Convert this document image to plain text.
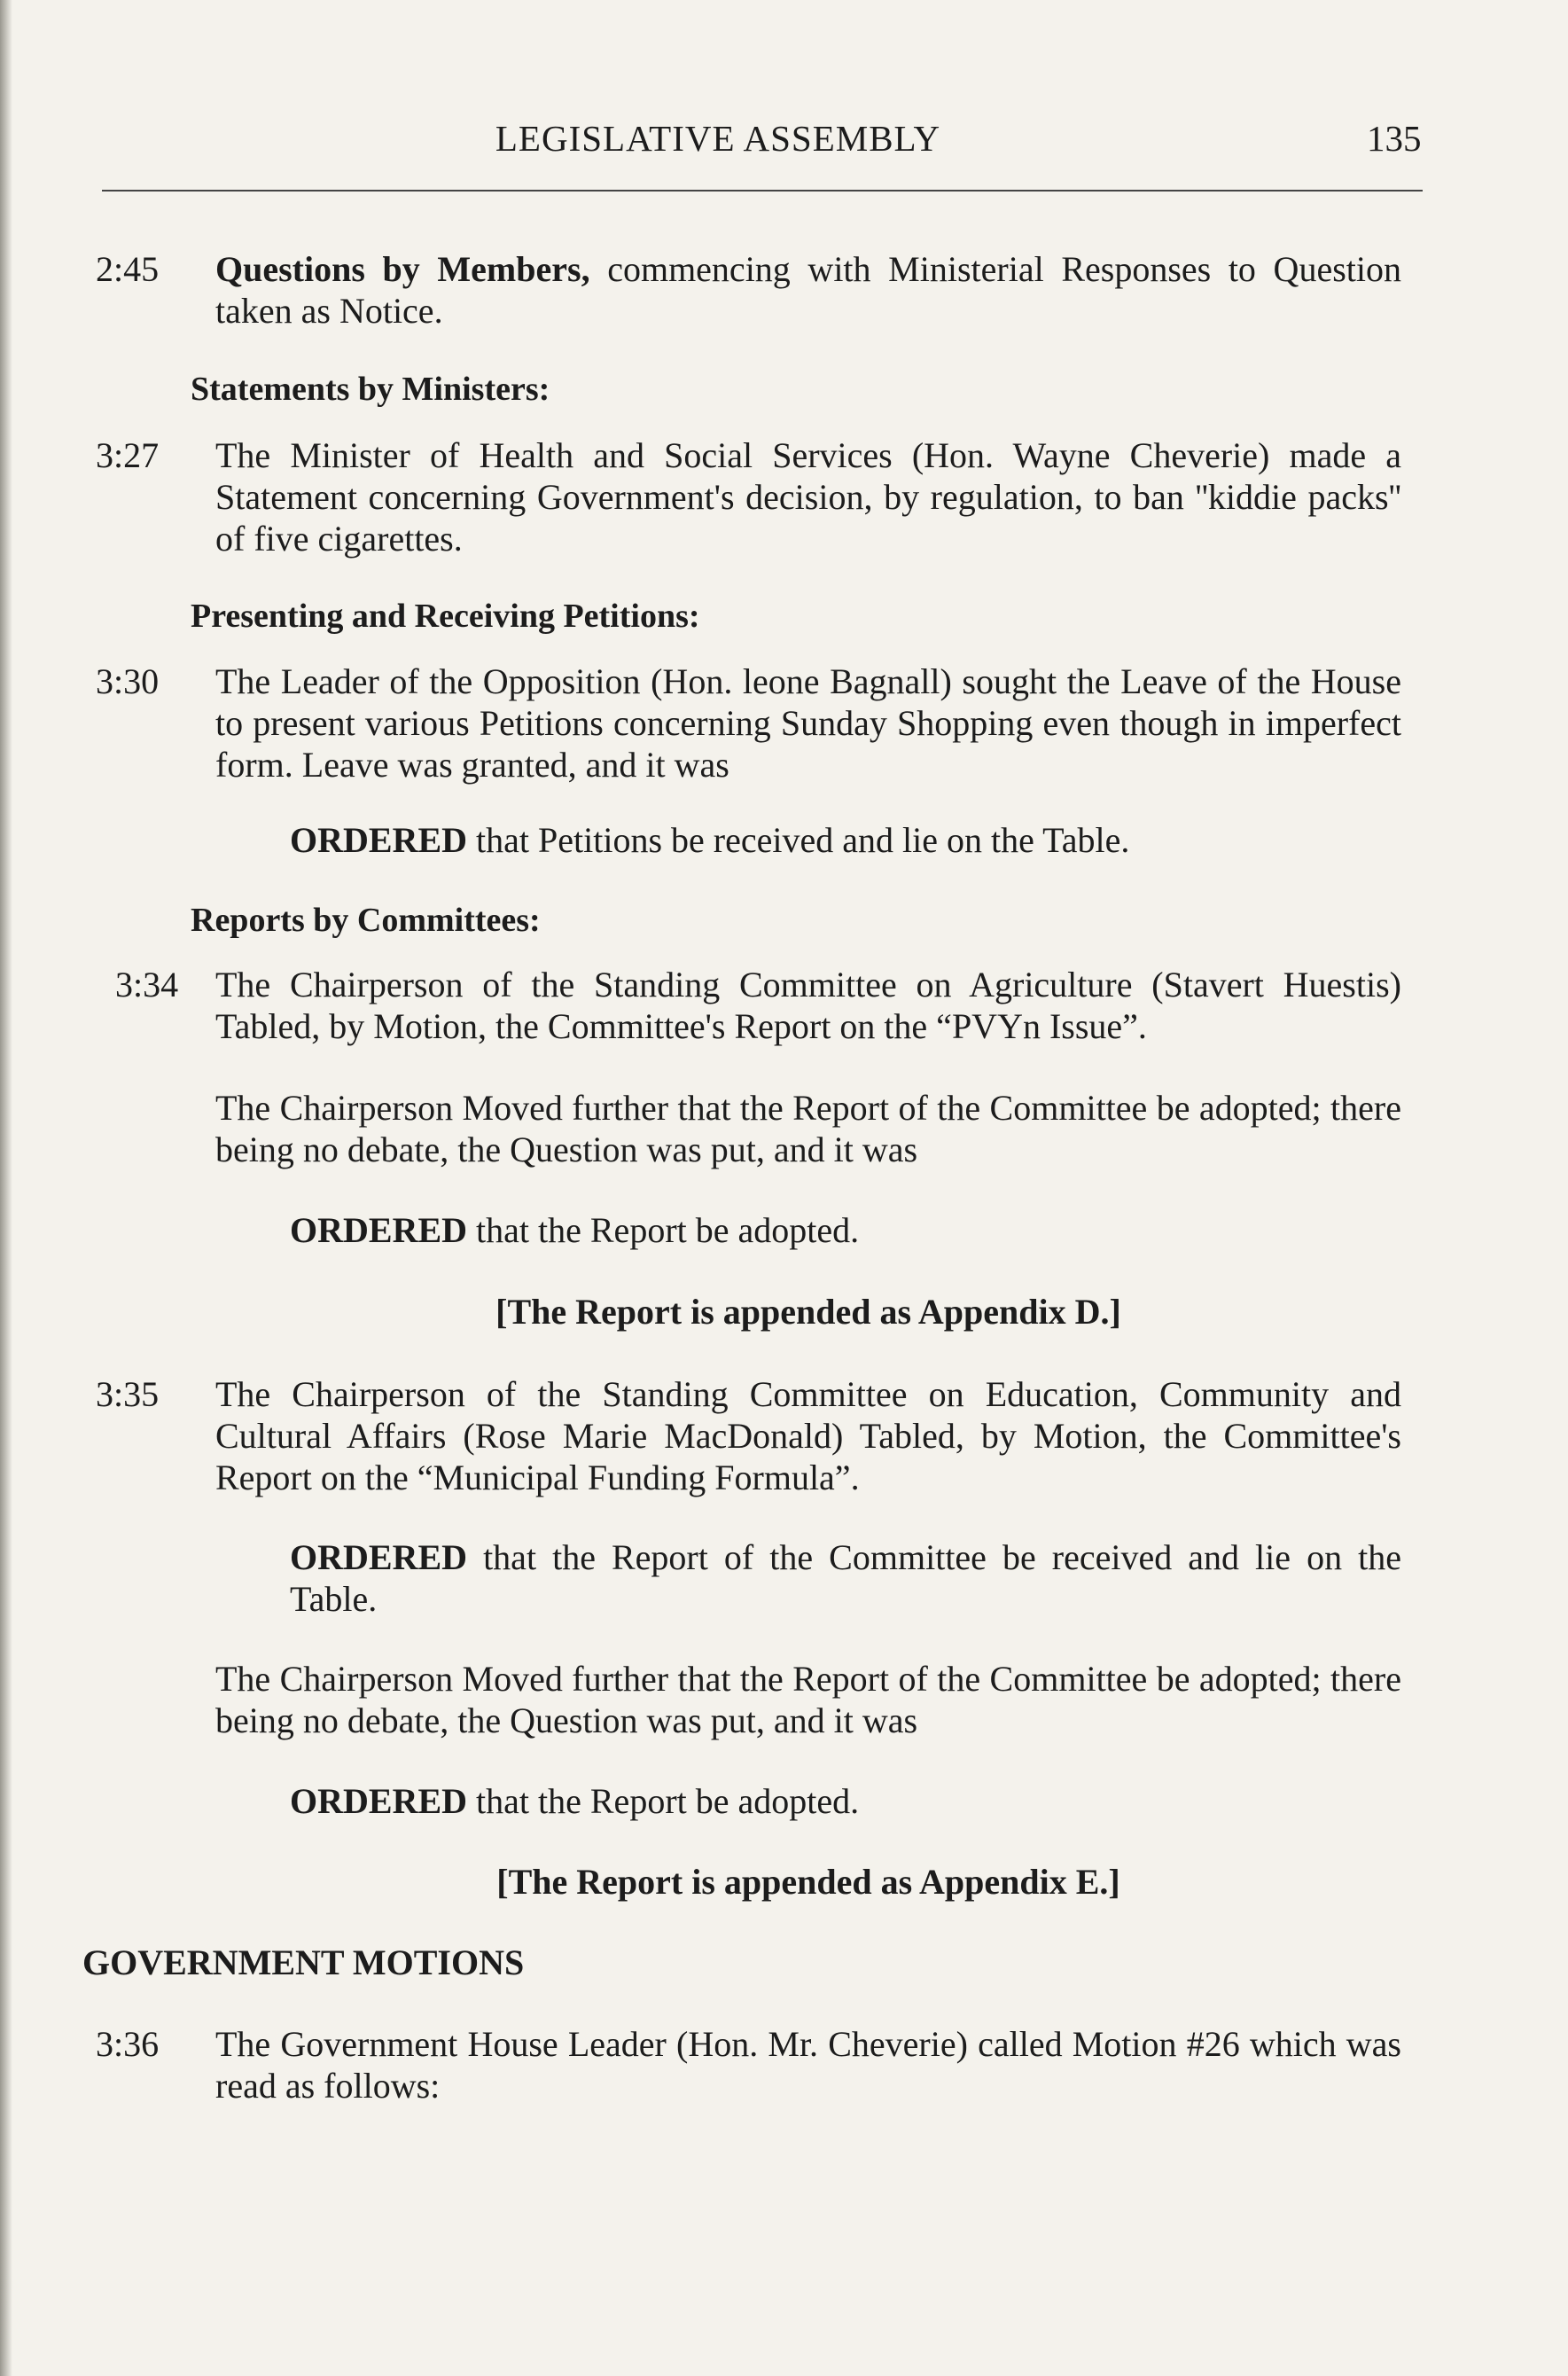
LEGISLATIVE ASSEMBLY	135
2:45 Questions by Members, commencing with Ministerial Responses to Question taken as Notice.

Statements by Ministers:
3:27 The Minister of Health and Social Services (Hon. Wayne Cheverie) made a Statement concerning Government's decision, by regulation, to ban ''kiddie packs'' of five cigarettes.

Presenting and Receiving Petitions:
3:30 The Leader of the Opposition (Hon. leone Bagnall) sought the Leave of the House to present various Petitions concerning Sunday Shopping even though in imperfect form. Leave was granted, and it was

ORDERED that Petitions be received and lie on the Table.

Reports by Committees:
3:34 The Chairperson of the Standing Committee on Agriculture (Stavert Huestis) Tabled, by Motion, the Committee's Report on the “PVYn Issue”.

The Chairperson Moved further that the Report of the Committee be adopted; there being no debate, the Question was put, and it was

ORDERED that the Report be adopted.

[The Report is appended as Appendix D.]

3:35 The Chairperson of the Standing Committee on Education, Community and Cultural Affairs (Rose Marie MacDonald) Tabled, by Motion, the Committee's Report on the “Municipal Funding Formula”.

ORDERED that the Report of the Committee be received and lie on the Table.

The Chairperson Moved further that the Report of the Committee be adopted; there being no debate, the Question was put, and it was

ORDERED that the Report be adopted.

[The Report is appended as Appendix E.]

GOVERNMENT MOTIONS
3:36 The Government House Leader (Hon. Mr. Cheverie) called Motion #26 which was read as follows:
